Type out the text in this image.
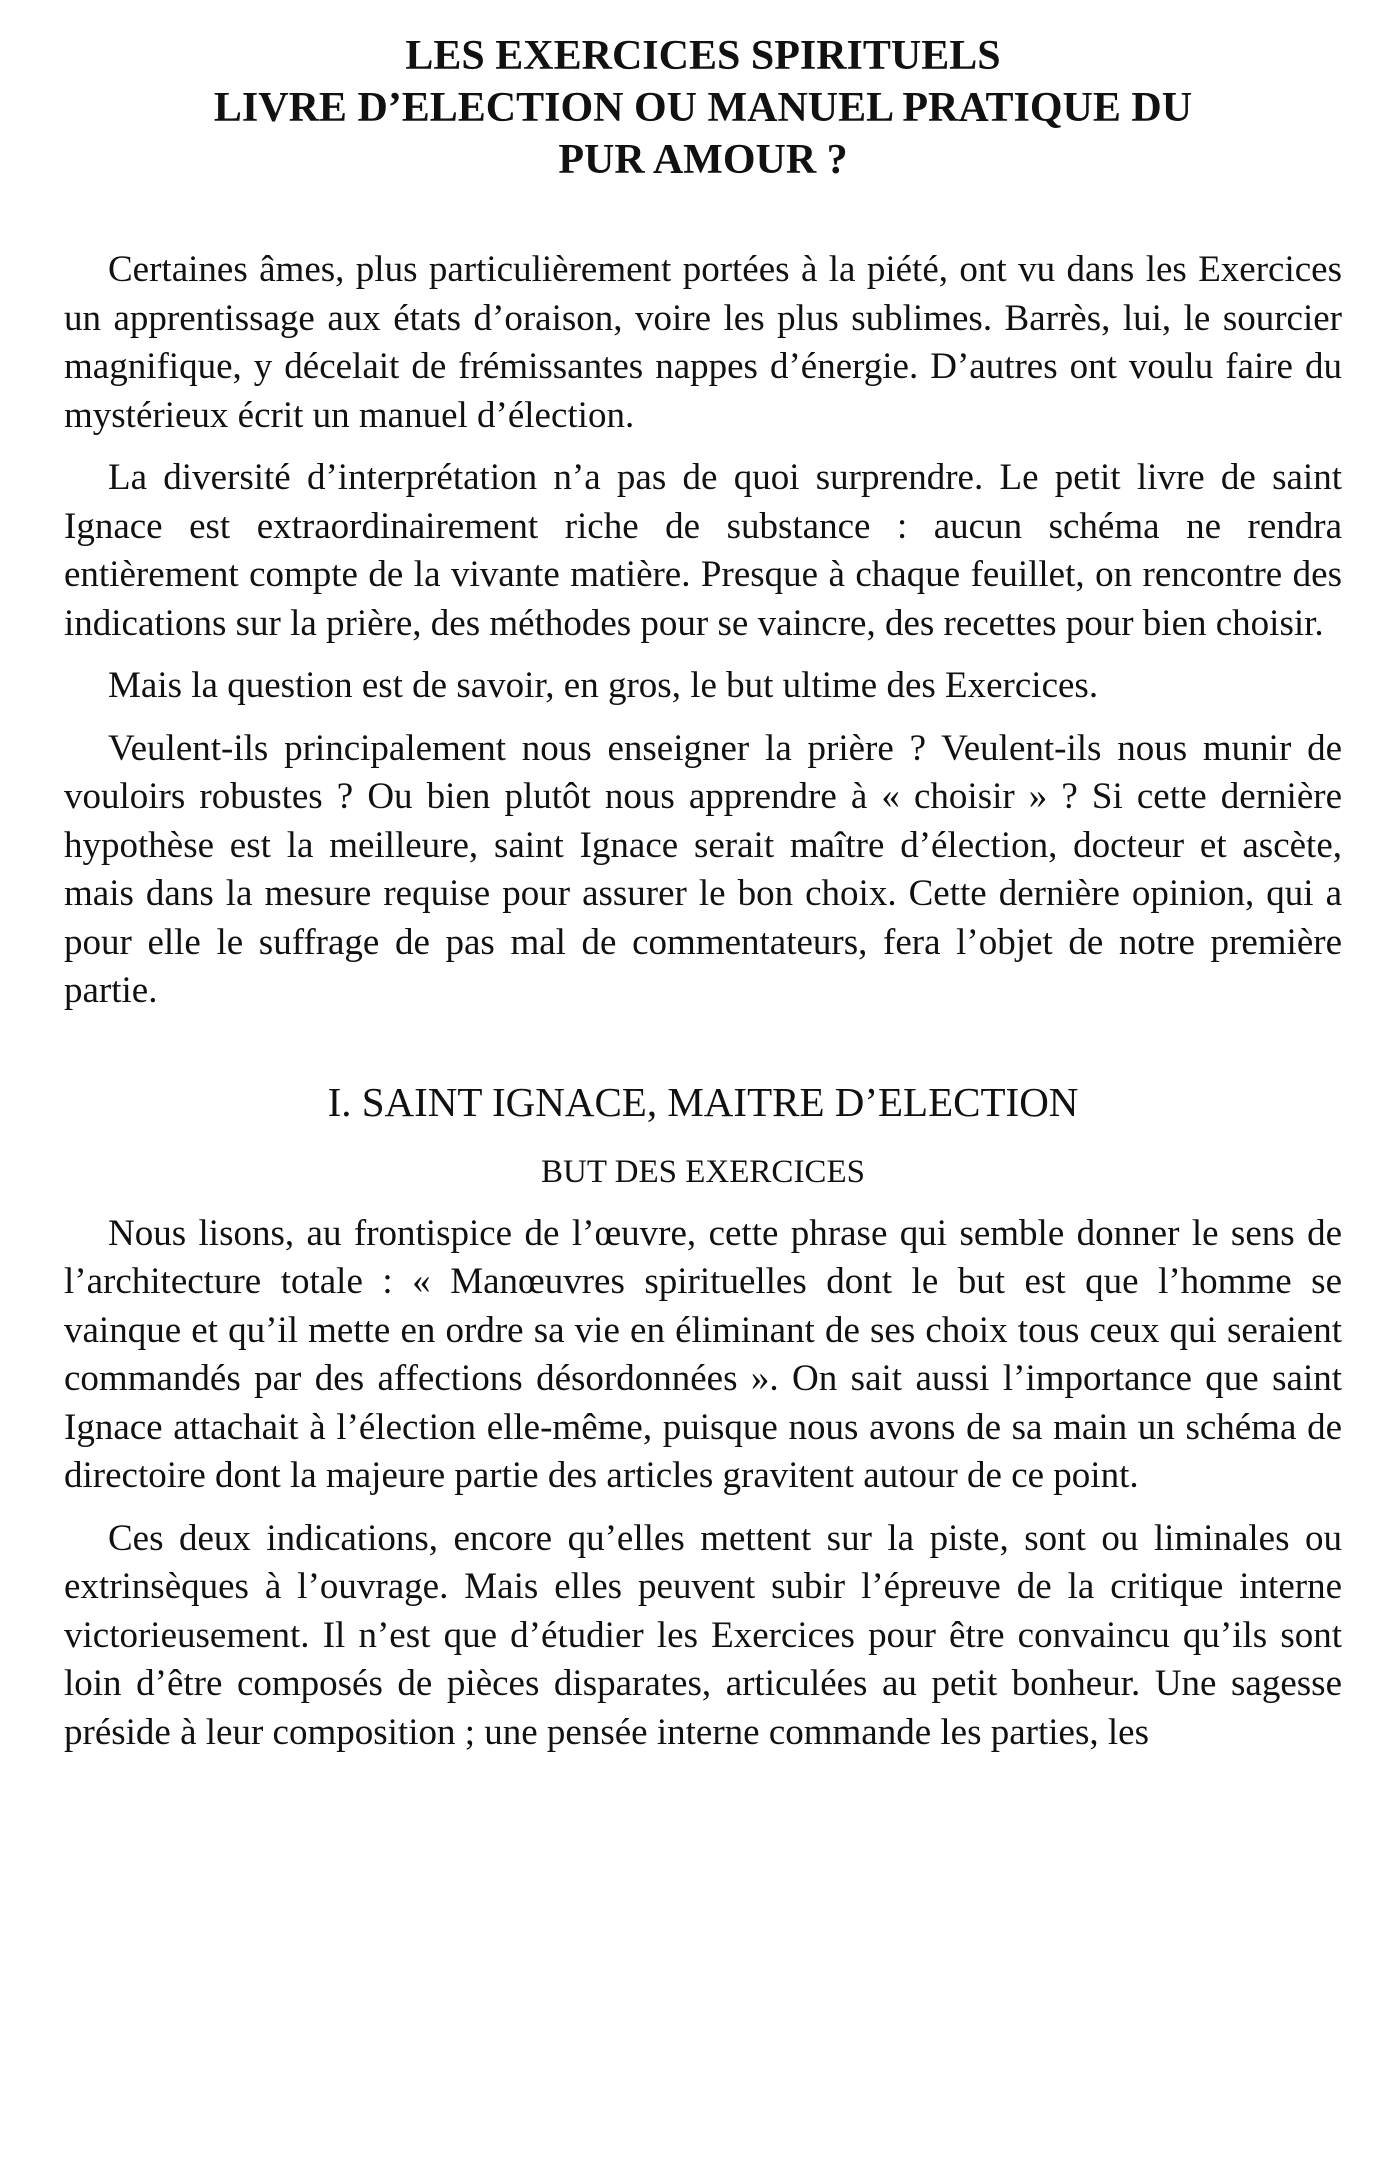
LES EXERCICES SPIRITUELS
LIVRE D’ELECTION OU MANUEL PRATIQUE DU
PUR AMOUR ?

Certaines âmes, plus particulièrement portées à la piété, ont vu dans les Exercices un apprentissage aux états d’oraison, voire les plus sublimes. Barrès, lui, le sourcier magnifique, y décelait de frémissantes nappes d’énergie. D’autres ont voulu faire du mystérieux écrit un manuel d’élection.

La diversité d’interprétation n’a pas de quoi surprendre. Le petit livre de saint Ignace est extraordinairement riche de substance : aucun schéma ne rendra entièrement compte de la vivante matière. Presque à chaque feuillet, on rencontre des indications sur la prière, des méthodes pour se vaincre, des recettes pour bien choisir.

Mais la question est de savoir, en gros, le but ultime des Exercices.

Veulent-ils principalement nous enseigner la prière ? Veulent-ils nous munir de vouloirs robustes ? Ou bien plutôt nous apprendre à « choisir » ? Si cette dernière hypothèse est la meilleure, saint Ignace serait maître d’élection, docteur et ascète, mais dans la mesure requise pour assurer le bon choix. Cette dernière opinion, qui a pour elle le suffrage de pas mal de commentateurs, fera l’objet de notre première partie.

I. SAINT IGNACE, MAITRE D’ELECTION
BUT DES EXERCICES

Nous lisons, au frontispice de l’œuvre, cette phrase qui semble donner le sens de l’architecture totale : « Manœuvres spirituelles dont le but est que l’homme se vainque et qu’il mette en ordre sa vie en éliminant de ses choix tous ceux qui seraient commandés par des affections désordonnées ». On sait aussi l’importance que saint Ignace attachait à l’élection elle-même, puisque nous avons de sa main un schéma de directoire dont la majeure partie des articles gravitent autour de ce point.

Ces deux indications, encore qu’elles mettent sur la piste, sont ou liminales ou extrinsèques à l’ouvrage. Mais elles peuvent subir l’épreuve de la critique interne victorieusement. Il n’est que d’étudier les Exercices pour être convaincu qu’ils sont loin d’être composés de pièces disparates, articulées au petit bonheur. Une sagesse préside à leur composition ; une pensée interne commande les parties, les
